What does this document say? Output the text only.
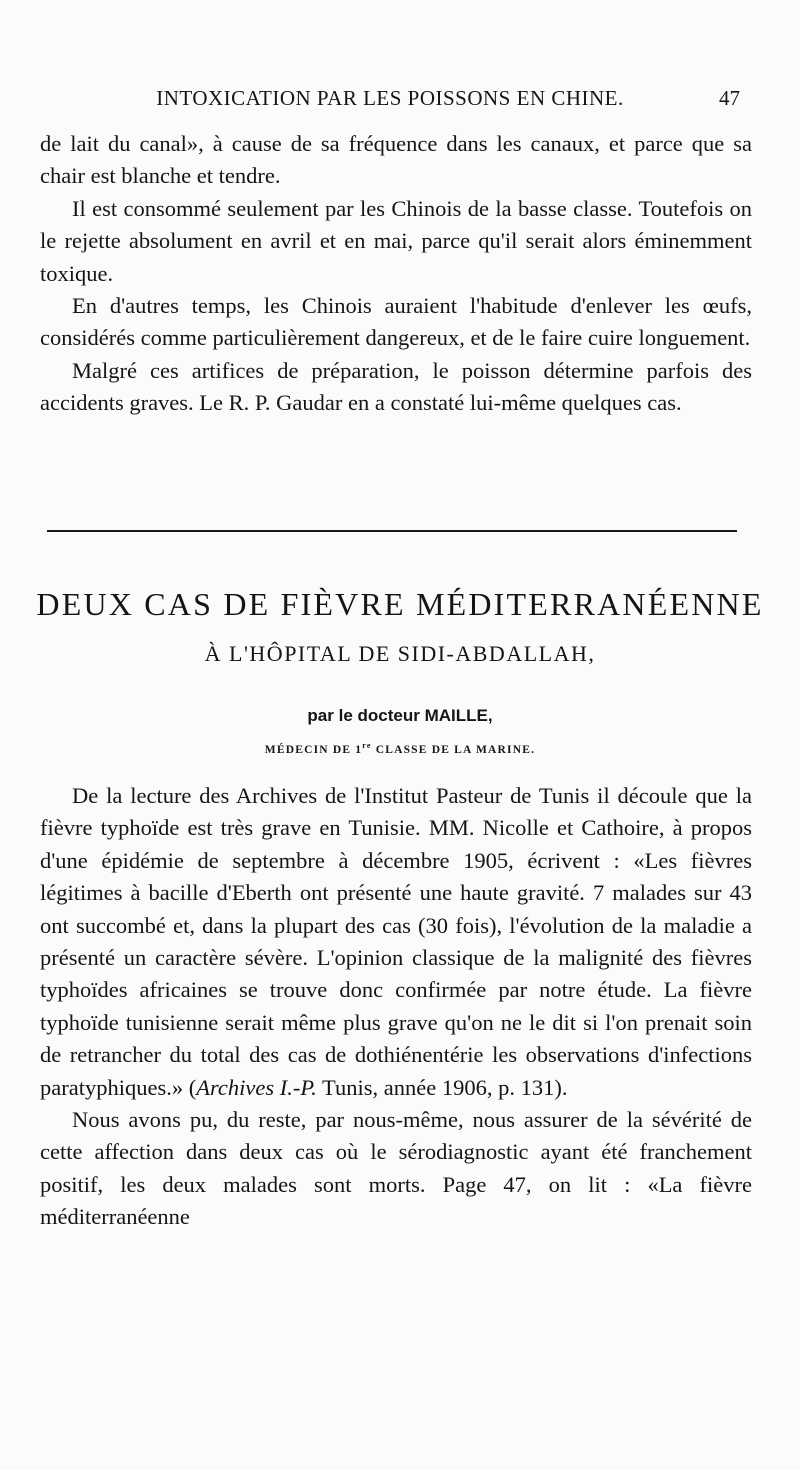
INTOXICATION PAR LES POISSONS EN CHINE.	47

de lait du canal», à cause de sa fréquence dans les canaux, et parce que sa chair est blanche et tendre.

Il est consommé seulement par les Chinois de la basse classe. Toutefois on le rejette absolument en avril et en mai, parce qu'il serait alors éminemment toxique.

En d'autres temps, les Chinois auraient l'habitude d'enlever les œufs, considérés comme particulièrement dangereux, et de le faire cuire longuement.

Malgré ces artifices de préparation, le poisson détermine parfois des accidents graves. Le R. P. Gaudar en a constaté lui-même quelques cas.

DEUX CAS DE FIÈVRE MÉDITERRANÉENNE
À L'HÔPITAL DE SIDI-ABDALLAH,
par le docteur MAILLE,
MÉDECIN DE 1re CLASSE DE LA MARINE.

De la lecture des Archives de l'Institut Pasteur de Tunis il découle que la fièvre typhoïde est très grave en Tunisie. MM. Nicolle et Cathoire, à propos d'une épidémie de septembre à décembre 1905, écrivent : «Les fièvres légitimes à bacille d'Eberth ont présenté une haute gravité. 7 malades sur 43 ont succombé et, dans la plupart des cas (30 fois), l'évolution de la maladie a présenté un caractère sévère. L'opinion classique de la malignité des fièvres typhoïdes africaines se trouve donc confirmée par notre étude. La fièvre typhoïde tunisienne serait même plus grave qu'on ne le dit si l'on prenait soin de retrancher du total des cas de dothiénentérie les observations d'infections paratyphiques.» (Archives I.-P. Tunis, année 1906, p. 131).

Nous avons pu, du reste, par nous-même, nous assurer de la sévérité de cette affection dans deux cas où le sérodiagnostic ayant été franchement positif, les deux malades sont morts. Page 47, on lit : «La fièvre méditerranéenne
